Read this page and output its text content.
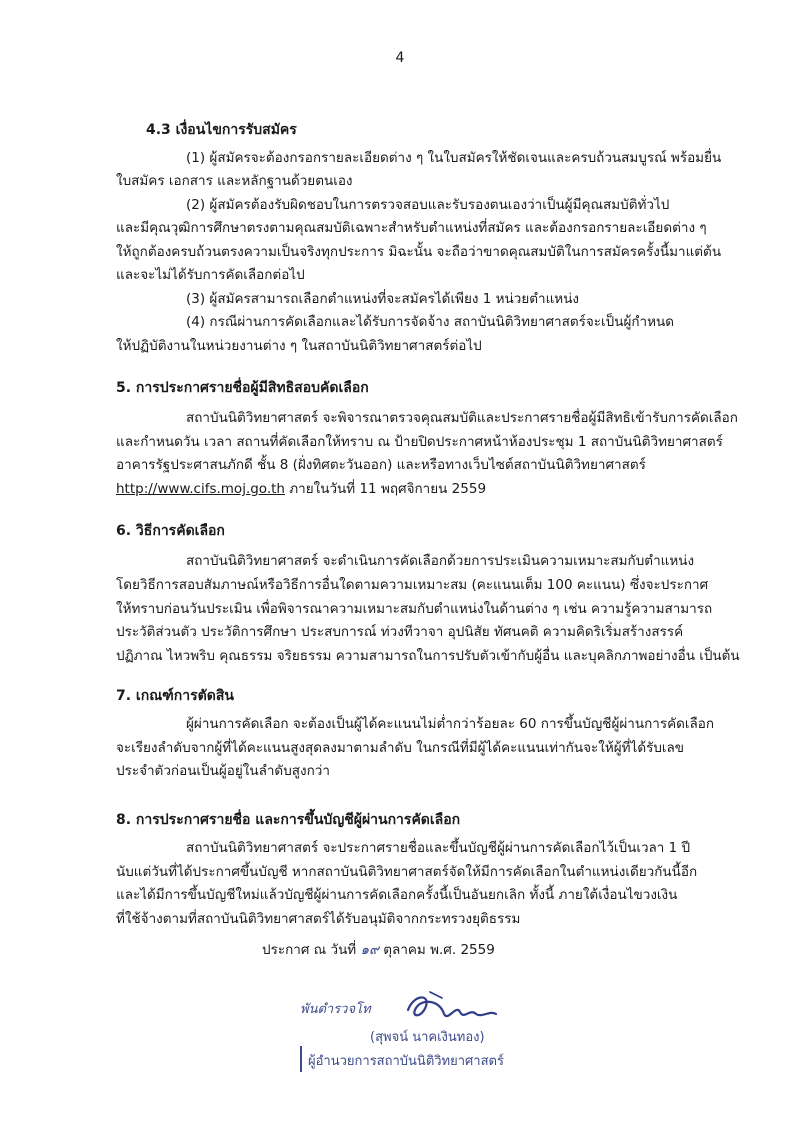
4
4.3 เงื่อนไขการรับสมัคร
(1) ผู้สมัครจะต้องกรอกรายละเอียดต่าง ๆ ในใบสมัครให้ชัดเจนและครบถ้วนสมบูรณ์ พร้อมยื่น
ใบสมัคร เอกสาร และหลักฐานด้วยตนเอง
(2) ผู้สมัครต้องรับผิดชอบในการตรวจสอบและรับรองตนเองว่าเป็นผู้มีคุณสมบัติทั่วไป
และมีคุณวุฒิการศึกษาตรงตามคุณสมบัติเฉพาะสำหรับตำแหน่งที่สมัคร และต้องกรอกรายละเอียดต่าง ๆ
ให้ถูกต้องครบถ้วนตรงความเป็นจริงทุกประการ มิฉะนั้น จะถือว่าขาดคุณสมบัติในการสมัครครั้งนี้มาแต่ต้น
และจะไม่ได้รับการคัดเลือกต่อไป
(3) ผู้สมัครสามารถเลือกตำแหน่งที่จะสมัครได้เพียง 1 หน่วยตำแหน่ง
(4) กรณีผ่านการคัดเลือกและได้รับการจัดจ้าง สถาบันนิติวิทยาศาสตร์จะเป็นผู้กำหนด
ให้ปฏิบัติงานในหน่วยงานต่าง ๆ ในสถาบันนิติวิทยาศาสตร์ต่อไป
5. การประกาศรายชื่อผู้มีสิทธิสอบคัดเลือก
สถาบันนิติวิทยาศาสตร์ จะพิจารณาตรวจคุณสมบัติและประกาศรายชื่อผู้มีสิทธิเข้ารับการคัดเลือก
และกำหนดวัน เวลา สถานที่คัดเลือกให้ทราบ ณ ป้ายปิดประกาศหน้าห้องประชุม 1 สถาบันนิติวิทยาศาสตร์
อาคารรัฐประศาสนภักดี ชั้น 8 (ฝั่งทิศตะวันออก) และหรือทางเว็บไซต์สถาบันนิติวิทยาศาสตร์
http://www.cifs.moj.go.th ภายในวันที่ 11 พฤศจิกายน 2559
6. วิธีการคัดเลือก
สถาบันนิติวิทยาศาสตร์ จะดำเนินการคัดเลือกด้วยการประเมินความเหมาะสมกับตำแหน่ง
โดยวิธีการสอบสัมภาษณ์หรือวิธีการอื่นใดตามความเหมาะสม (คะแนนเต็ม 100 คะแนน) ซึ่งจะประกาศ
ให้ทราบก่อนวันประเมิน เพื่อพิจารณาความเหมาะสมกับตำแหน่งในด้านต่าง ๆ เช่น ความรู้ความสามารถ
ประวัติส่วนตัว ประวัติการศึกษา ประสบการณ์ ท่วงทีวาจา อุปนิสัย ทัศนคติ ความคิดริเริ่มสร้างสรรค์
ปฏิภาณ ไหวพริบ คุณธรรม จริยธรรม ความสามารถในการปรับตัวเข้ากับผู้อื่น และบุคลิกภาพอย่างอื่น เป็นต้น
7. เกณฑ์การตัดสิน
ผู้ผ่านการคัดเลือก จะต้องเป็นผู้ได้คะแนนไม่ต่ำกว่าร้อยละ 60 การขึ้นบัญชีผู้ผ่านการคัดเลือก
จะเรียงลำดับจากผู้ที่ได้คะแนนสูงสุดลงมาตามลำดับ ในกรณีที่มีผู้ได้คะแนนเท่ากันจะให้ผู้ที่ได้รับเลข
ประจำตัวก่อนเป็นผู้อยู่ในลำดับสูงกว่า
8. การประกาศรายชื่อ และการขึ้นบัญชีผู้ผ่านการคัดเลือก
สถาบันนิติวิทยาศาสตร์ จะประกาศรายชื่อและขึ้นบัญชีผู้ผ่านการคัดเลือกไว้เป็นเวลา 1 ปี
นับแต่วันที่ได้ประกาศขึ้นบัญชี หากสถาบันนิติวิทยาศาสตร์จัดให้มีการคัดเลือกในตำแหน่งเดียวกันนี้อีก
และได้มีการขึ้นบัญชีใหม่แล้วบัญชีผู้ผ่านการคัดเลือกครั้งนี้เป็นอันยกเลิก ทั้งนี้ ภายใต้เงื่อนไขวงเงิน
ที่ใช้จ้างตามที่สถาบันนิติวิทยาศาสตร์ได้รับอนุมัติจากกระทรวงยุติธรรม
ประกาศ ณ วันที่ ๑๙ ตุลาคม พ.ศ. 2559
พันตำรวจโท
(สุพจน์ นาคเงินทอง)
ผู้อำนวยการสถาบันนิติวิทยาศาสตร์
